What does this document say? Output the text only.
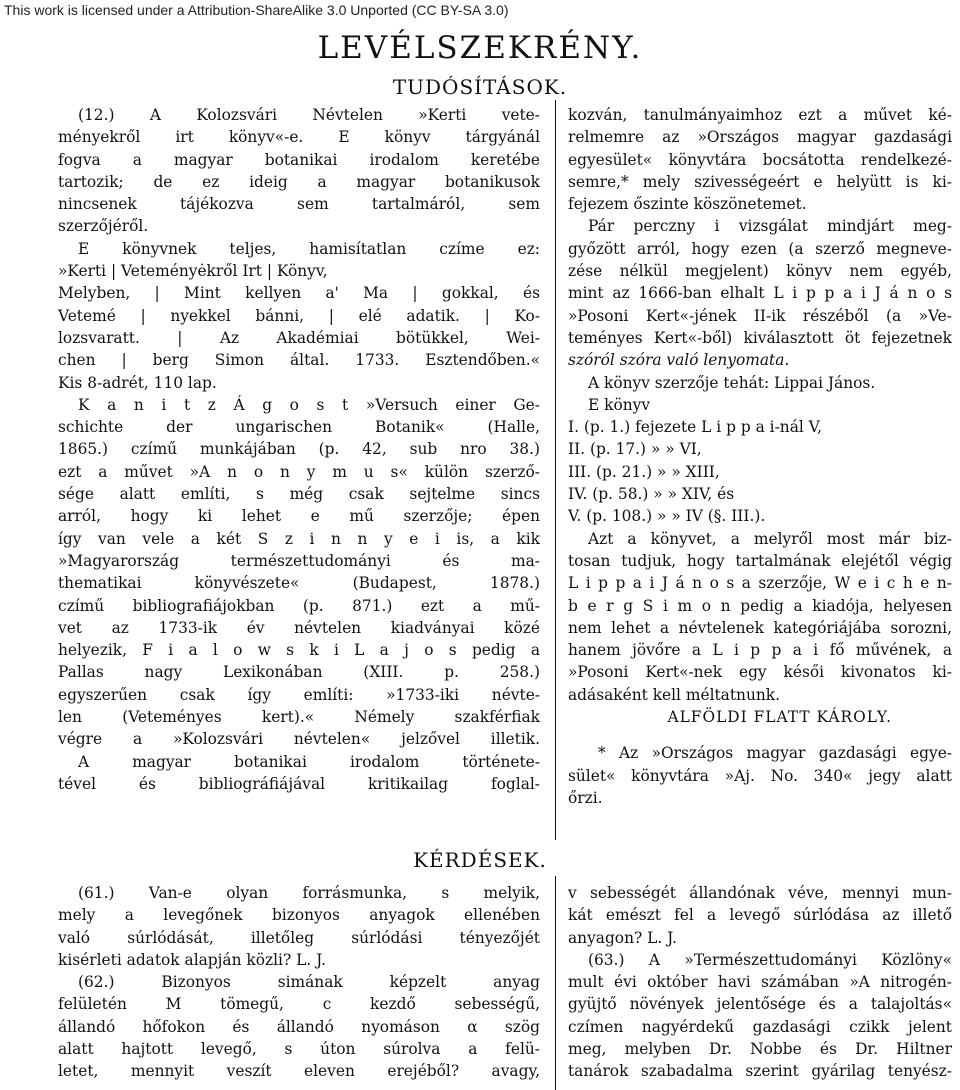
This work is licensed under a Attribution-ShareAlike 3.0 Unported (CC BY-SA 3.0)
LEVÉLSZEKRÉNY.
TUDÓSÍTÁSOK.
KÉRDÉSEK.
(12.) A Kolozsvári Névtelen »Kerti vete-
ményekről irt könyv«-e. E könyv tárgyánál
fogva a magyar botanikai irodalom keretébe
tartozik; de ez ideig a magyar botanikusok
nincsenek tájékozva sem tartalmáról, sem
szerzőjéről.
E könyvnek teljes, hamisítatlan czíme ez:
»Kerti | Veteményėkről Irt | Könyv,
Melyben, | Mint kellyen a' Ma | gokkal, és
Vetemé | nyekkel bánni, | elé adatik. | Ko-
lozsvaratt. | Az Akadémiai bötükkel, Wei-
chen | berg Simon által. 1733. Esztendőben.«
Kis 8-adrét, 110 lap.
K a n i t z Á g o s t »Versuch einer Ge-
schichte der ungarischen Botanik« (Halle,
1865.) czímű munkájában (p. 42, sub nro 38.)
ezt a művet »A n o n y m u s« külön szerző-
sége alatt említi, s még csak sejtelme sincs
arról, hogy ki lehet e mű szerzője; épen
így van vele a két S z i n n y e i is, a kik
»Magyarország természettudományi és ma-
thematikai könyvészete« (Budapest, 1878.)
czímű bibliografiájokban (p. 871.) ezt a mű-
vet az 1733-ik év névtelen kiadványai közé
helyezik, F i a l o w s k i L a j o s pedig a
Pallas nagy Lexikonában (XIII. p. 258.)
egyszerűen csak így említi: »1733-iki névte-
len (Veteményes kert).« Némely szakférfiak
végre a »Kolozsvári névtelen« jelzővel illetik.
A magyar botanikai irodalom története-
tével és bibliográfiájával kritikailag foglal-
kozván, tanulmányaimhoz ezt a művet ké-
relmemre az »Országos magyar gazdasági
egyesület« könyvtára bocsátotta rendelkezé-
semre,* mely szivességeért e helyütt is ki-
fejezem őszinte köszönetemet.
Pár perczny i vizsgálat mindjárt meg-
győzött arról, hogy ezen (a szerző megneve-
zése nélkül megjelent) könyv nem egyéb,
mint az 1666-ban elhalt L i p p a i J á n o s
»Posoni Kert«-jének II-ik részéből (a »Ve-
teményes Kert«-ből) kiválasztott öt fejezetnek
szóról szóra való lenyomata.
A könyv szerzője tehát: Lippai János.
E könyv
I. (p. 1.) fejezete L i p p a i-nál V,
II. (p. 17.) » » VI,
III. (p. 21.) » » XIII,
IV. (p. 58.) » » XIV, és
V. (p. 108.) » » IV (§. III.).
Azt a könyvet, a melyről most már biz-
tosan tudjuk, hogy tartalmának elejétől végig
L i p p a i J á n o s a szerzője, W e i c h e n-
b e r g S i m o n pedig a kiadója, helyesen
nem lehet a névtelenek kategóriájába sorozni,
hanem jövőre a L i p p a i fő művének, a
»Posoni Kert«-nek egy késői kivonatos ki-
adásaként kell méltatnunk.
ALFÖLDI FLATT KÁROLY.
* Az »Országos magyar gazdasági egye-
sület« könyvtára »Aj. No. 340« jegy alatt
őrzi.
(61.) Van-e olyan forrásmunka, s melyik,
mely a levegőnek bizonyos anyagok ellenében
való súrlódását, illetőleg súrlódási tényezőjét
kisérleti adatok alapján közli? L. J.
(62.) Bizonyos simának képzelt anyag
felületén M tömegű, c kezdő sebességű,
állandó hőfokon és állandó nyomáson α szög
alatt hajtott levegő, s úton súrolva a felü-
letet, mennyit veszít eleven erejéből? avagy,
v sebességét állandónak véve, mennyi mun-
kát emészt fel a levegő súrlódása az illető
anyagon? L. J.
(63.) A »Természettudományi Közlöny«
mult évi október havi számában »A nitrogén-
gyüjtő növények jelentősége és a talajoltás«
czímen nagyérdekű gazdasági czikk jelent
meg, melyben Dr. Nobbe és Dr. Hiltner
tanárok szabadalma szerint gyárilag tenyész-
